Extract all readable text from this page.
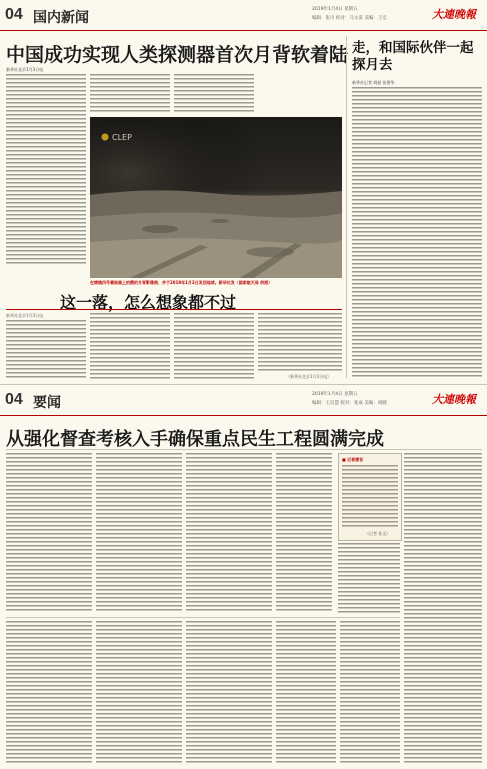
04 国内新闻
2019年1月4日 星期五
编辑：张川 校对：马文雷 美编：王宏	大連晚報
中国成功实现人类探测器首次月背软着陆
新华社北京1月3日电
CLEP
在嫦娥四号着陆器上拍摄的月背影像图，并于2019年1月3日发回地球。新华社发（国家航天局 供图）
这一落，怎么想象都不过
新华社北京1月3日电
（新华社北京1月3日电）
走，和国际伙伴一起探月去
新华社记者 胡喆 张建华
04 要闻
2019年1月4日 星期五
编辑：王启慧 校对：张成 美编：祖晓	大連晚報
从强化督查考核入手确保重点民生工程圆满完成
■ 记者感言
（记者 孙文）
